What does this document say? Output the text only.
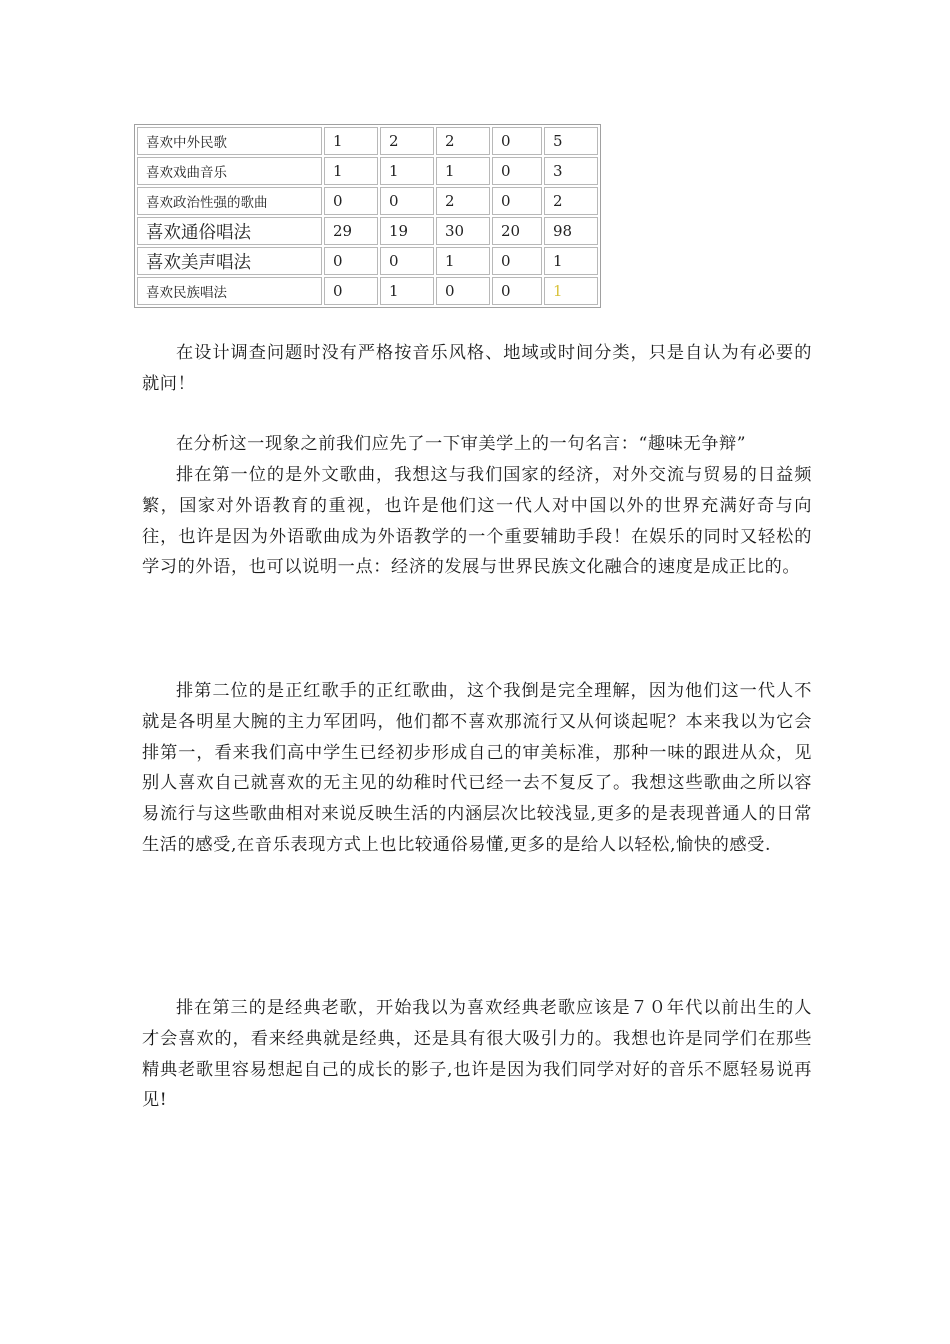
喜欢中外民歌	1	2	2	0	5
喜欢戏曲音乐	1	1	1	0	3
喜欢政治性强的歌曲	0	0	2	0	2
喜欢通俗唱法	29	19	30	20	98
喜欢美声唱法	0	0	1	0	1
喜欢民族唱法	0	1	0	0	1

在设计调查问题时没有严格按音乐风格、地域或时间分类，只是自认为有必要的就问！

在分析这一现象之前我们应先了一下审美学上的一句名言：“趣味无争辩”

排在第一位的是外文歌曲，我想这与我们国家的经济，对外交流与贸易的日益频繁，国家对外语教育的重视，也许是他们这一代人对中国以外的世界充满好奇与向往，也许是因为外语歌曲成为外语教学的一个重要辅助手段！在娱乐的同时又轻松的学习的外语，也可以说明一点：经济的发展与世界民族文化融合的速度是成正比的。

排第二位的是正红歌手的正红歌曲，这个我倒是完全理解，因为他们这一代人不就是各明星大腕的主力军团吗，他们都不喜欢那流行又从何谈起呢？本来我以为它会排第一，看来我们高中学生已经初步形成自己的审美标准，那种一味的跟进从众，见别人喜欢自己就喜欢的无主见的幼稚时代已经一去不复反了。我想这些歌曲之所以容易流行与这些歌曲相对来说反映生活的内涵层次比较浅显,更多的是表现普通人的日常生活的感受,在音乐表现方式上也比较通俗易懂,更多的是给人以轻松,愉快的感受.

排在第三的是经典老歌，开始我以为喜欢经典老歌应该是７０年代以前出生的人才会喜欢的，看来经典就是经典，还是具有很大吸引力的。我想也许是同学们在那些精典老歌里容易想起自己的成长的影子,也许是因为我们同学对好的音乐不愿轻易说再见!
